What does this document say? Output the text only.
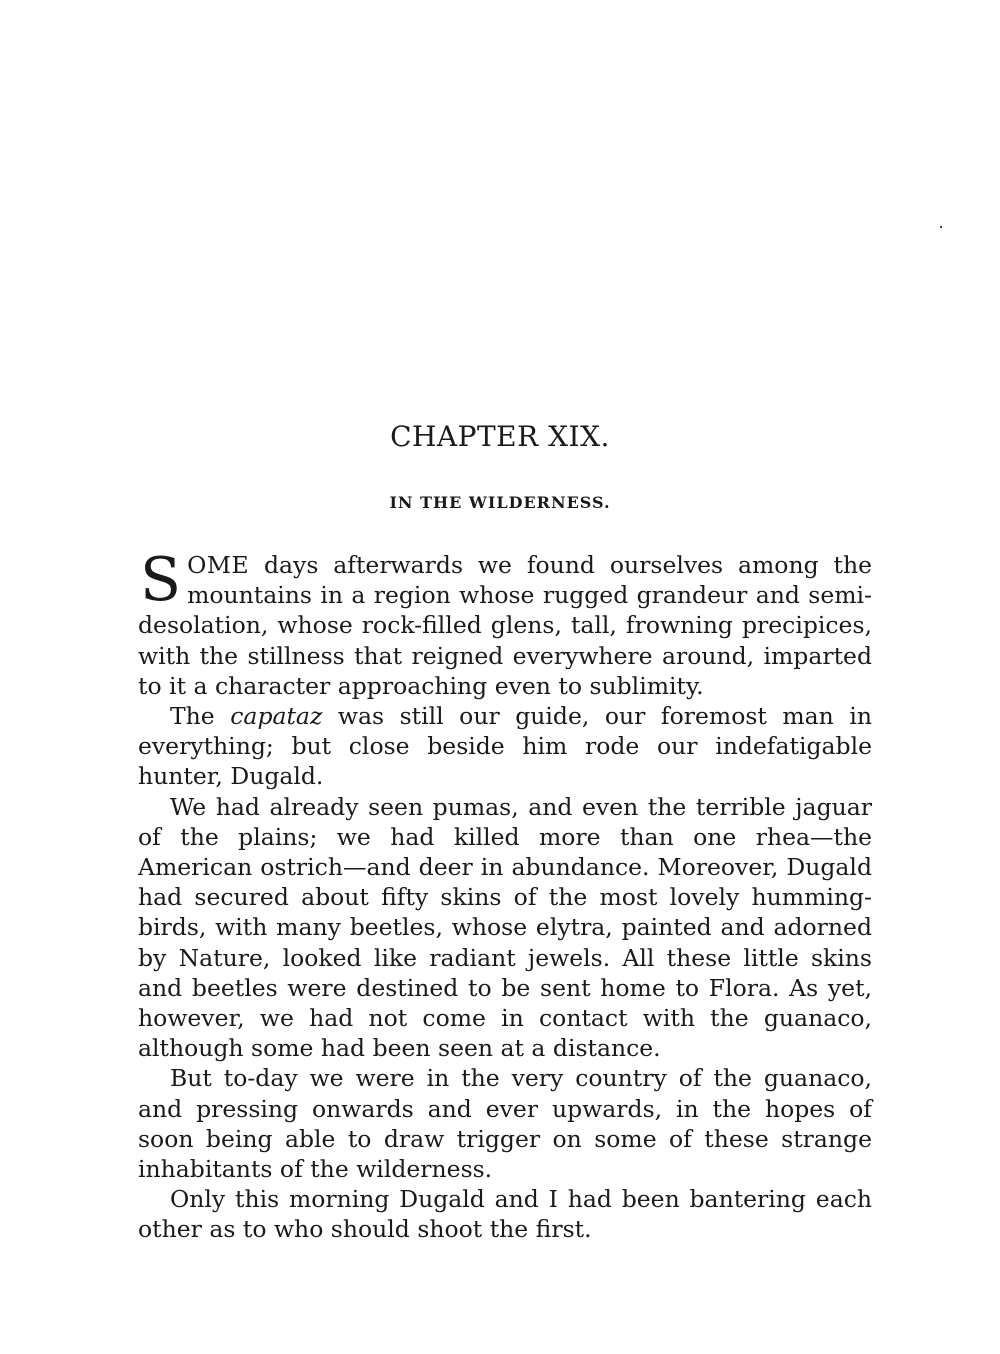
CHAPTER XIX.
IN THE WILDERNESS.

SOME days afterwards we found ourselves among the mountains in a region whose rugged grandeur and semi-desolation, whose rock-filled glens, tall, frowning precipices, with the stillness that reigned everywhere around, imparted to it a character approaching even to sublimity.

The capataz was still our guide, our foremost man in everything; but close beside him rode our indefatigable hunter, Dugald.

We had already seen pumas, and even the terrible jaguar of the plains; we had killed more than one rhea—the American ostrich—and deer in abundance. Moreover, Dugald had secured about fifty skins of the most lovely humming-birds, with many beetles, whose elytra, painted and adorned by Nature, looked like radiant jewels. All these little skins and beetles were destined to be sent home to Flora. As yet, however, we had not come in contact with the guanaco, although some had been seen at a distance.

But to-day we were in the very country of the guanaco, and pressing onwards and ever upwards, in the hopes of soon being able to draw trigger on some of these strange inhabitants of the wilderness.

Only this morning Dugald and I had been bantering each other as to who should shoot the first.
